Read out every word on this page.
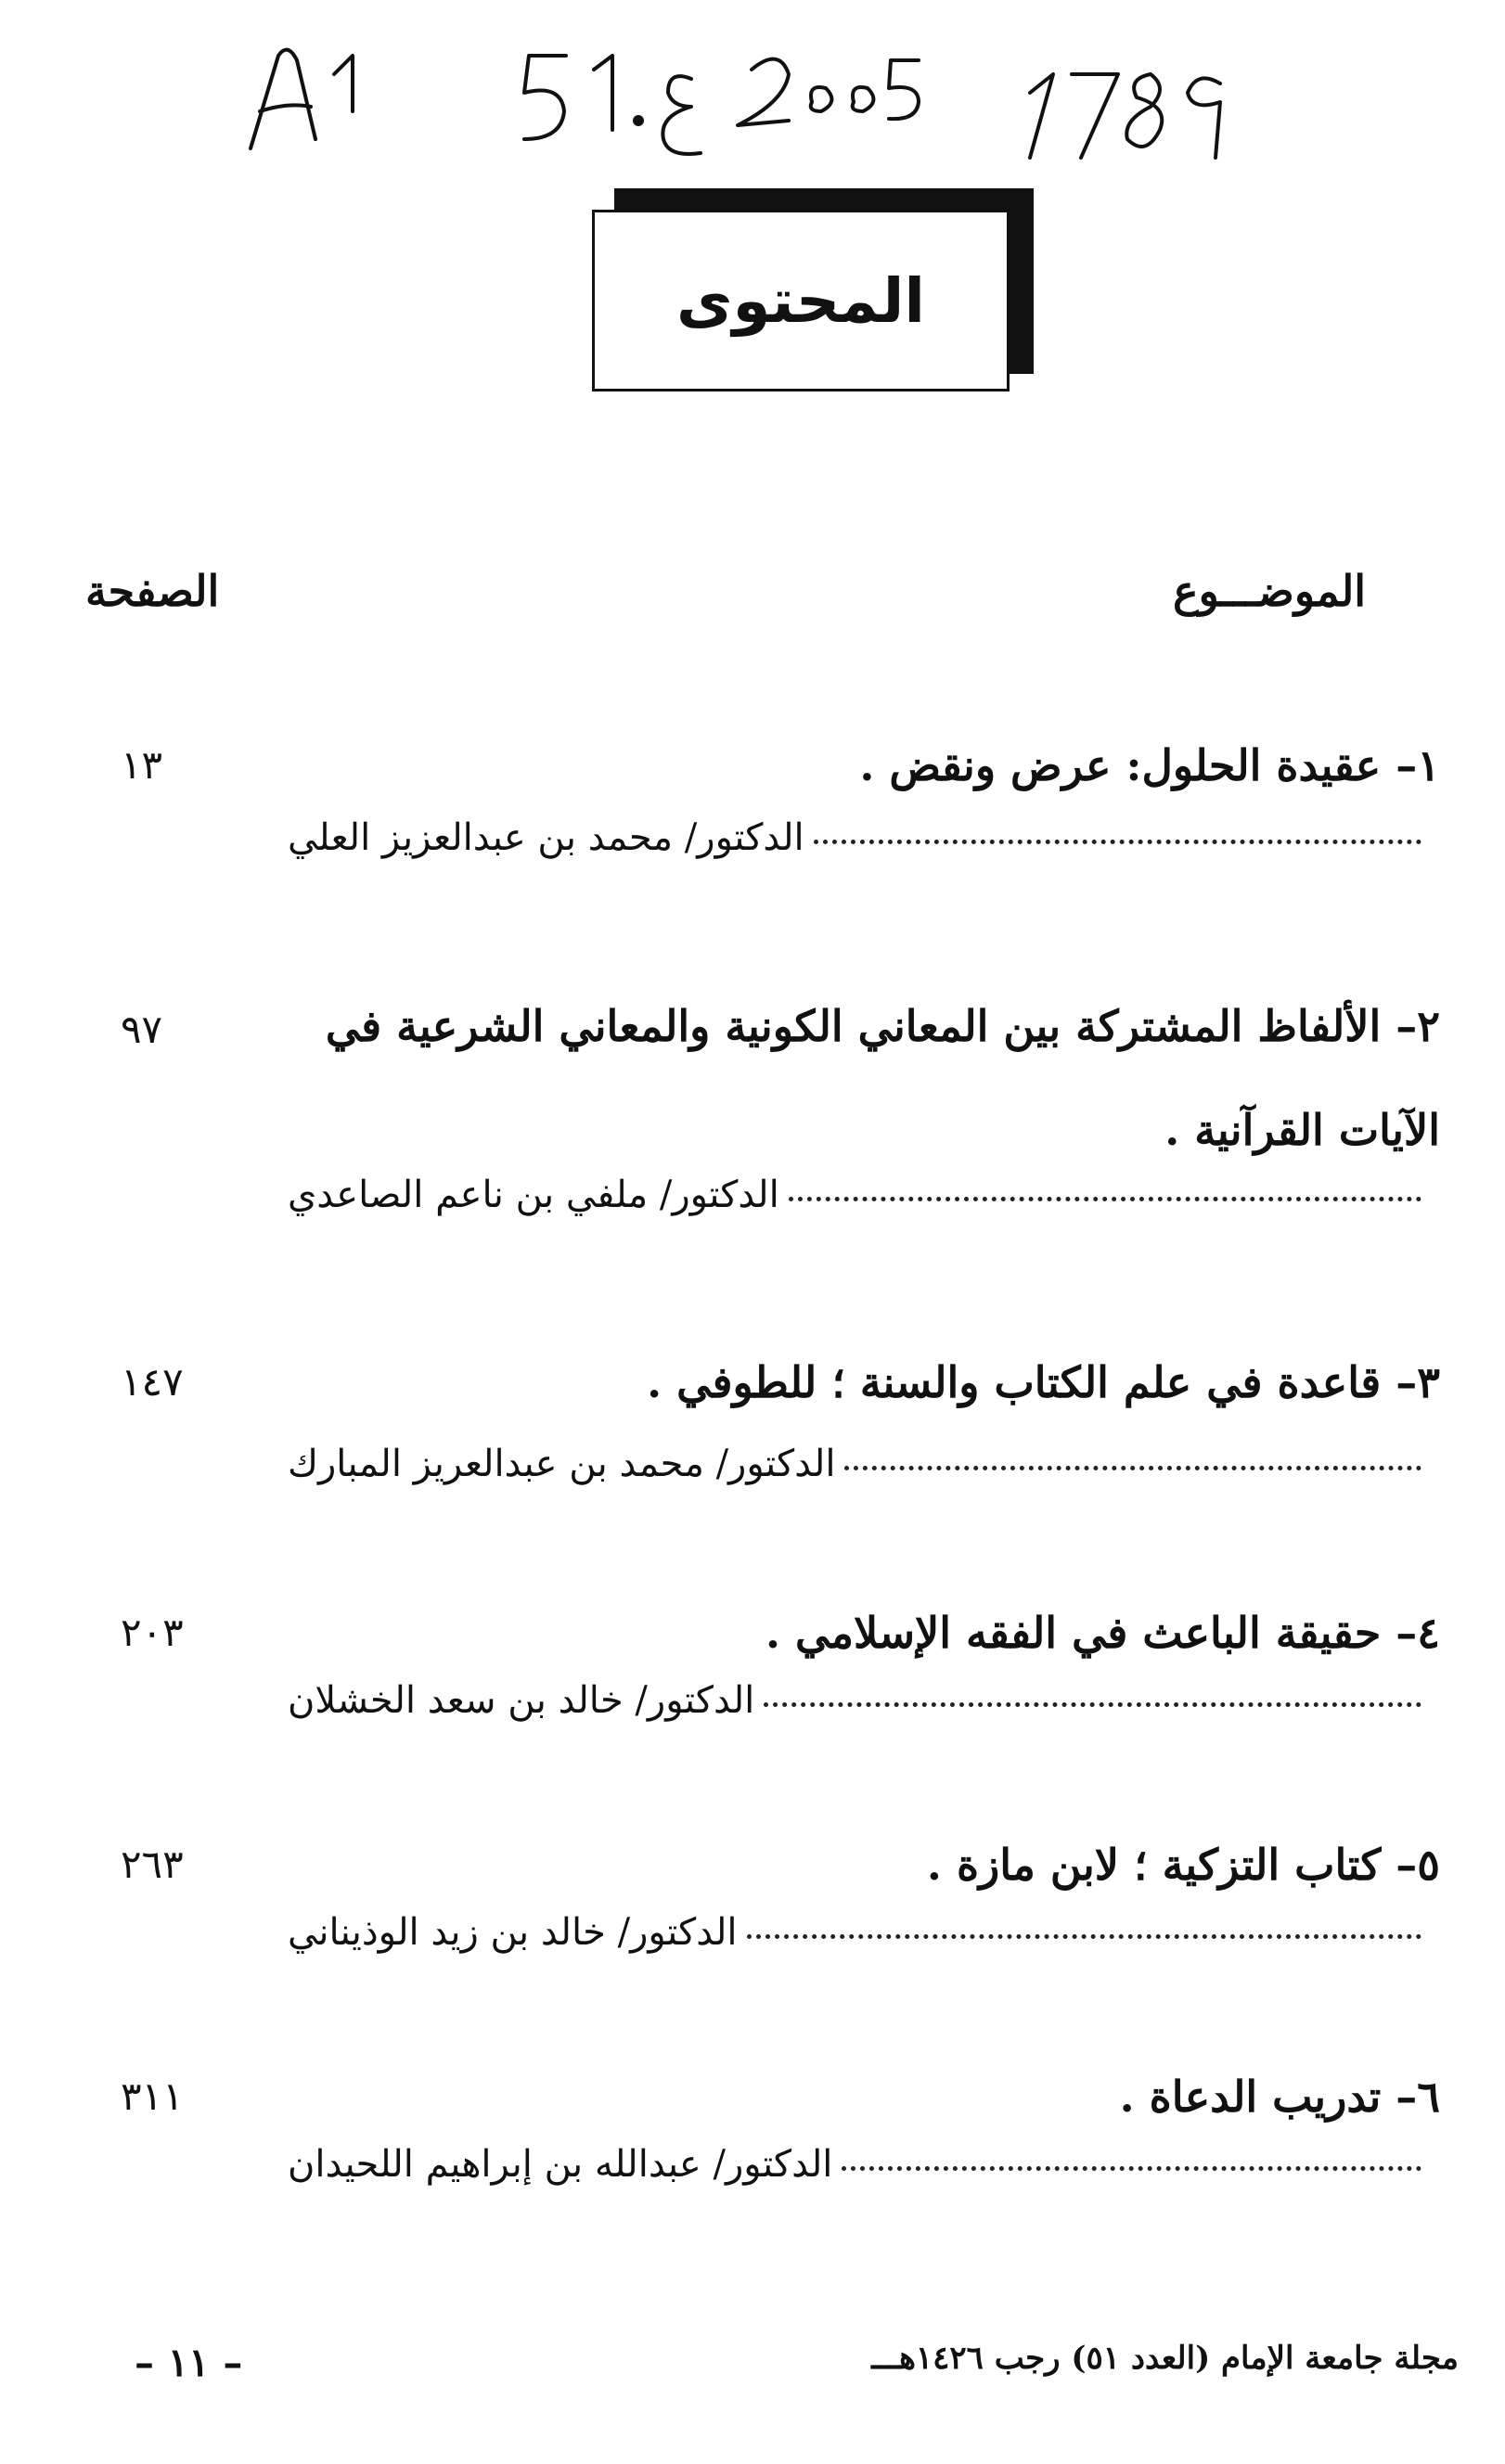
المحتوى
الموضـــوع
الصفحة
١– عقيدة الحلول: عرض ونقض .
١٣
الدكتور/ محمد بن عبدالعزيز العلي
٢– الألفاظ المشتركة بين المعاني الكونية والمعاني الشرعية في الآيات القرآنية .
٩٧
الدكتور/ ملفي بن ناعم الصاعدي
٣– قاعدة في علم الكتاب والسنة ؛ للطوفي .
١٤٧
الدكتور/ محمد بن عبدالعريز المبارك
٤– حقيقة الباعث في الفقه الإسلامي .
٢٠٣
الدكتور/ خالد بن سعد الخشلان
٥– كتاب التزكية ؛ لابن مازة .
٢٦٣
الدكتور/ خالد بن زيد الوذيناني
٦– تدريب الدعاة .
٣١١
الدكتور/ عبدالله بن إبراهيم اللحيدان
مجلة جامعة الإمام (العدد ٥١) رجب ١٤٢٦هـــ
– ١١ –
